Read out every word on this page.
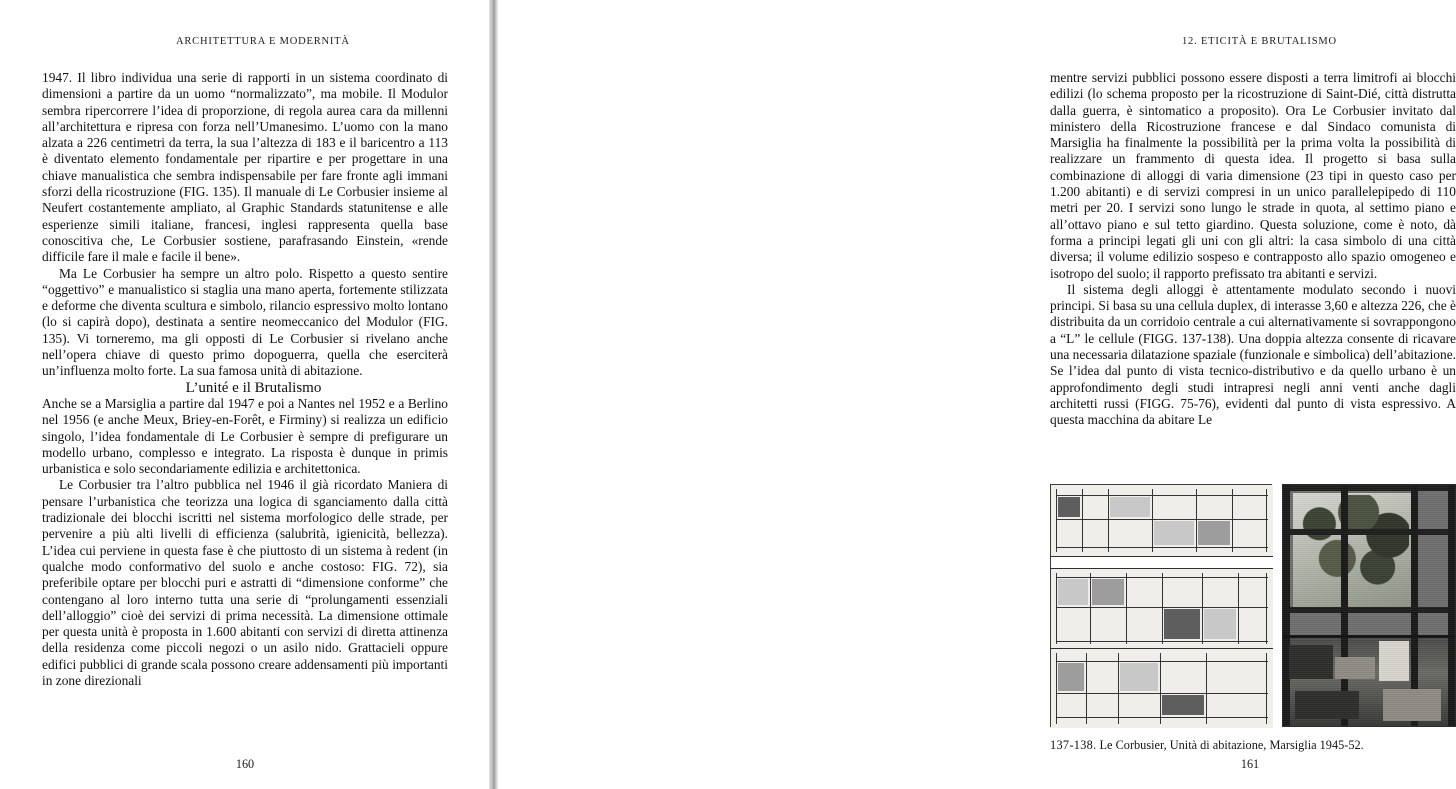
ARCHITETTURA E MODERNITÀ

1947. Il libro individua una serie di rapporti in un sistema coordinato di dimensioni a partire da un uomo “normalizzato”, ma mobile. Il Modulor sembra ripercorrere l’idea di proporzione, di regola aurea cara da millenni all’architettura e ripresa con forza nell’Umanesimo. L’uomo con la mano alzata a 226 centimetri da terra, la sua l’altezza di 183 e il baricentro a 113 è diventato elemento fondamentale per ripartire e per progettare in una chiave manualistica che sembra indispensabile per fare fronte agli immani sforzi della ricostruzione (FIG. 135). Il manuale di Le Corbusier insieme al Neufert costantemente ampliato, al Graphic Standards statunitense e alle esperienze simili italiane, francesi, inglesi rappresenta quella base conoscitiva che, Le Corbusier sostiene, parafrasando Einstein, «rende difficile fare il male e facile il bene».

Ma Le Corbusier ha sempre un altro polo. Rispetto a questo sentire “oggettivo” e manualistico si staglia una mano aperta, fortemente stilizzata e deforme che diventa scultura e simbolo, rilancio espressivo molto lontano (lo si capirà dopo), destinata a sentire neomeccanico del Modulor (FIG. 135). Vi torneremo, ma gli opposti di Le Corbusier si rivelano anche nell’opera chiave di questo primo dopoguerra, quella che eserciterà un’influenza molto forte. La sua famosa unità di abitazione.

L’unité e il Brutalismo

Anche se a Marsiglia a partire dal 1947 e poi a Nantes nel 1952 e a Berlino nel 1956 (e anche Meux, Briey-en-Forêt, e Firminy) si realizza un edificio singolo, l’idea fondamentale di Le Corbusier è sempre di prefigurare un modello urbano, complesso e integrato. La risposta è dunque in primis urbanistica e solo secondariamente edilizia e architettonica.

Le Corbusier tra l’altro pubblica nel 1946 il già ricordato Maniera di pensare l’urbanistica che teorizza una logica di sganciamento dalla città tradizionale dei blocchi iscritti nel sistema morfologico delle strade, per pervenire a più alti livelli di efficienza (salubrità, igienicità, bellezza). L’idea cui perviene in questa fase è che piuttosto di un sistema à redent (in qualche modo conformativo del suolo e anche costoso: FIG. 72), sia preferibile optare per blocchi puri e astratti di “dimensione conforme” che contengano al loro interno tutta una serie di “prolungamenti essenziali dell’alloggio” cioè dei servizi di prima necessità. La dimensione ottimale per questa unità è proposta in 1.600 abitanti con servizi di diretta attinenza della residenza come piccoli negozi o un asilo nido. Grattacieli oppure edifici pubblici di grande scala possono creare addensamenti più importanti in zone direzionali

160
12. ETICITÀ E BRUTALISMO

mentre servizi pubblici possono essere disposti a terra limitrofi ai blocchi edilizi (lo schema proposto per la ricostruzione di Saint-Dié, città distrutta dalla guerra, è sintomatico a proposito). Ora Le Corbusier invitato dal ministero della Ricostruzione francese e dal Sindaco comunista di Marsiglia ha finalmente la possibilità per la prima volta la possibilità di realizzare un frammento di questa idea. Il progetto si basa sulla combinazione di alloggi di varia dimensione (23 tipi in questo caso per 1.200 abitanti) e di servizi compresi in un unico parallelepipedo di 110 metri per 20. I servizi sono lungo le strade in quota, al settimo piano e all’ottavo piano e sul tetto giardino. Questa soluzione, come è noto, dà forma a principi legati gli uni con gli altri: la casa simbolo di una città diversa; il volume edilizio sospeso e contrapposto allo spazio omogeneo e isotropo del suolo; il rapporto prefissato tra abitanti e servizi.

Il sistema degli alloggi è attentamente modulato secondo i nuovi principi. Si basa su una cellula duplex, di interasse 3,60 e altezza 226, che è distribuita da un corridoio centrale a cui alternativamente si sovrappongono a “L” le cellule (FIGG. 137-138). Una doppia altezza consente di ricavare una necessaria dilatazione spaziale (funzionale e simbolica) dell’abitazione. Se l’idea dal punto di vista tecnico-distributivo e da quello urbano è un approfondimento degli studi intrapresi negli anni venti anche dagli architetti russi (FIGG. 75-76), evidenti dal punto di vista espressivo. A questa macchina da abitare Le

137-138. Le Corbusier, Unità di abitazione, Marsiglia 1945-52.
161
